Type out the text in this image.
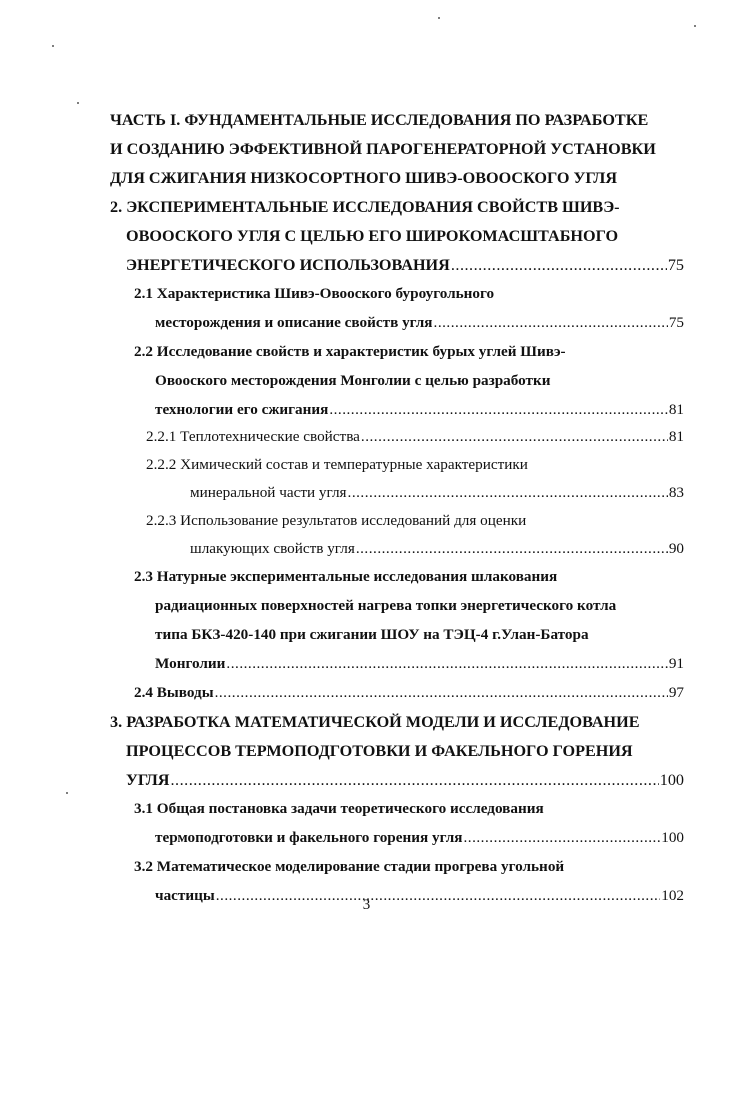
ЧАСТЬ I. ФУНДАМЕНТАЛЬНЫЕ ИССЛЕДОВАНИЯ ПО РАЗРАБОТКЕ
И СОЗДАНИЮ ЭФФЕКТИВНОЙ ПАРОГЕНЕРАТОРНОЙ УСТАНОВКИ
ДЛЯ СЖИГАНИЯ НИЗКОСОРТНОГО ШИВЭ-ОВООСКОГО УГЛЯ
2. ЭКСПЕРИМЕНТАЛЬНЫЕ ИССЛЕДОВАНИЯ СВОЙСТВ ШИВЭ-
ОВООСКОГО УГЛЯ С ЦЕЛЬЮ ЕГО ШИРОКОМАСШТАБНОГО
ЭНЕРГЕТИЧЕСКОГО ИСПОЛЬЗОВАНИЯ .....	75
2.1 Характеристика Шивэ-Овооского буроугольного
месторождения и описание свойств угля .....	75
2.2 Исследование свойств и характеристик бурых углей Шивэ-
Овооского месторождения Монголии с целью разработки
технологии его сжигания .....	81
2.2.1 Теплотехнические свойства .....	81
2.2.2 Химический состав и температурные характеристики
минеральной части угля .....	83
2.2.3 Использование результатов исследований для оценки
шлакующих свойств угля .....	90
2.3 Натурные экспериментальные исследования шлакования
радиационных поверхностей нагрева топки энергетического котла
типа БКЗ-420-140 при сжигании ШОУ на ТЭЦ-4 г.Улан-Батора
Монголии .....	91
2.4 Выводы .....	97
3. РАЗРАБОТКА МАТЕМАТИЧЕСКОЙ МОДЕЛИ И ИССЛЕДОВАНИЕ
ПРОЦЕССОВ ТЕРМОПОДГОТОВКИ И ФАКЕЛЬНОГО ГОРЕНИЯ
УГЛЯ .....	100
3.1 Общая постановка задачи теоретического исследования
термоподготовки и факельного горения угля .....	100
3.2 Математическое моделирование стадии прогрева угольной
частицы .....	102
3
